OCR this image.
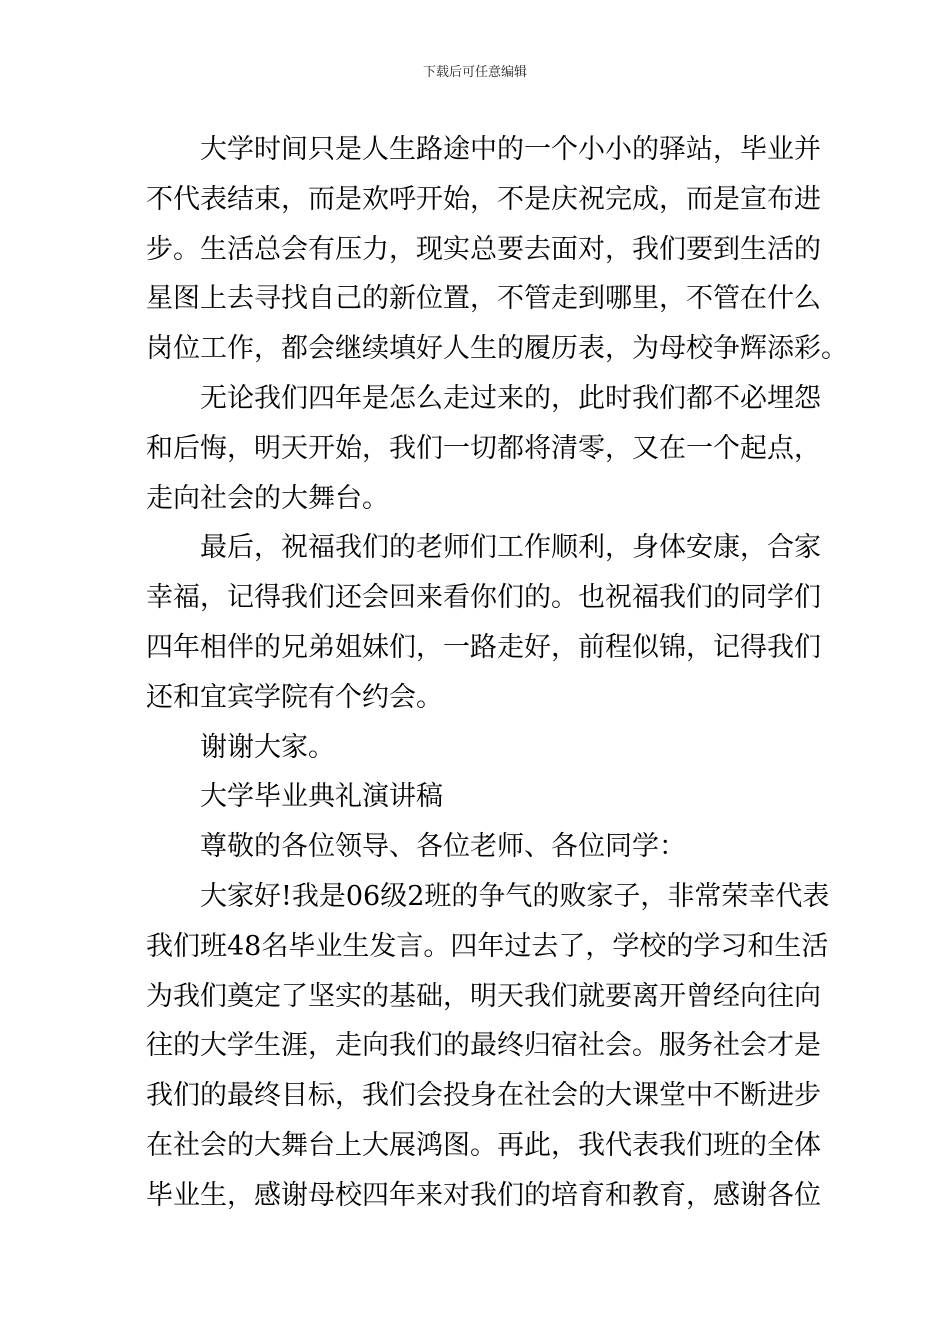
下载后可任意编辑
大学时间只是人生路途中的一个小小的驿站，毕业并
不代表结束，而是欢呼开始，不是庆祝完成，而是宣布进
步。生活总会有压力，现实总要去面对，我们要到生活的
星图上去寻找自己的新位置，不管走到哪里，不管在什么
岗位工作，都会继续填好人生的履历表，为母校争辉添彩。
无论我们四年是怎么走过来的，此时我们都不必埋怨
和后悔，明天开始，我们一切都将清零，又在一个起点，
走向社会的大舞台。
最后，祝福我们的老师们工作顺利，身体安康，合家
幸福，记得我们还会回来看你们的。也祝福我们的同学们
四年相伴的兄弟姐妹们，一路走好，前程似锦，记得我们
还和宜宾学院有个约会。
谢谢大家。
大学毕业典礼演讲稿
尊敬的各位领导、各位老师、各位同学：
大家好!我是06级2班的争气的败家子，非常荣幸代表
我们班48名毕业生发言。四年过去了，学校的学习和生活
为我们奠定了坚实的基础，明天我们就要离开曾经向往向
往的大学生涯，走向我们的最终归宿社会。服务社会才是
我们的最终目标，我们会投身在社会的大课堂中不断进步
在社会的大舞台上大展鸿图。再此，我代表我们班的全体
毕业生，感谢母校四年来对我们的培育和教育，感谢各位
